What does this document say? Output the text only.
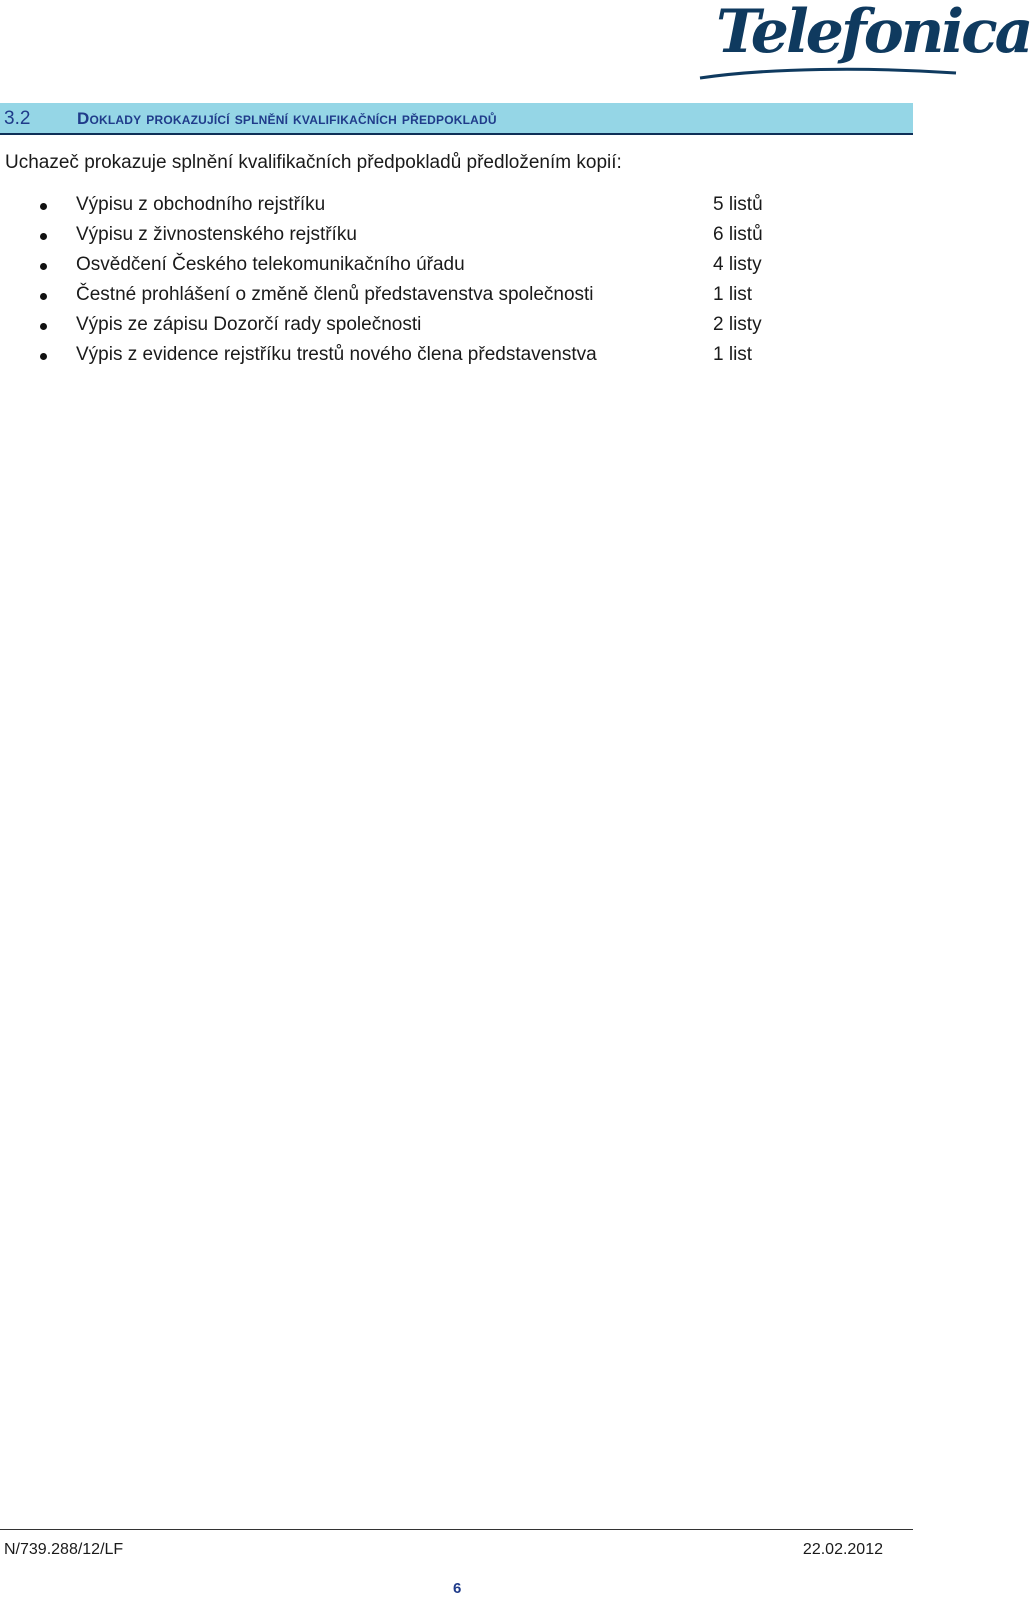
Telefonica
3.2	Doklady prokazující splnění kvalifikačních předpokladů
Uchazeč prokazuje splnění kvalifikačních předpokladů předložením kopií:
Výpisu z obchodního rejstříku	5 listů
Výpisu z živnostenského rejstříku	6 listů
Osvědčení Českého telekomunikačního úřadu	4 listy
Čestné prohlášení o změně členů představenstva společnosti	1 list
Výpis ze zápisu Dozorčí rady společnosti	2 listy
Výpis z evidence rejstříku trestů nového člena představenstva	1 list
N/739.288/12/LF	22.02.2012
6
